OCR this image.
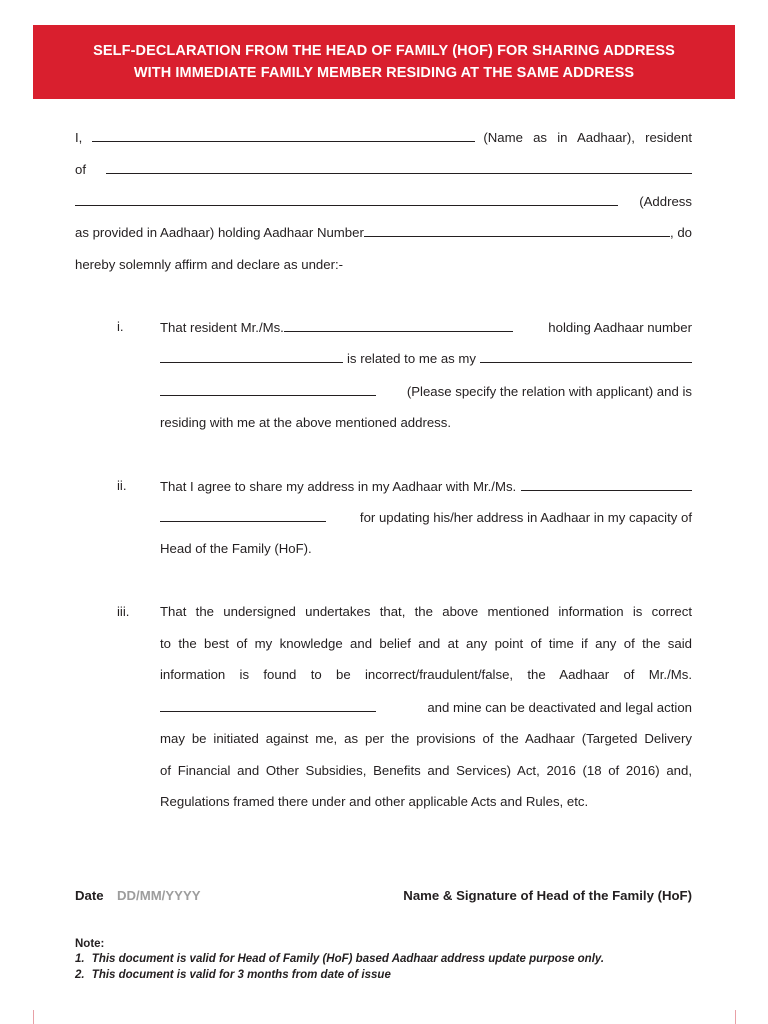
SELF-DECLARATION FROM THE HEAD OF FAMILY (HOF) FOR SHARING ADDRESS
WITH IMMEDIATE FAMILY MEMBER RESIDING AT THE SAME ADDRESS
I,	(Name as in Aadhaar), resident
of
(Address
as provided in Aadhaar) holding Aadhaar Number	, do
hereby solemnly affirm and declare as under:-
i.	That resident Mr./Ms.	holding Aadhaar number
is related to me as my
(Please specify the relation with applicant) and is
residing with me at the above mentioned address.
ii.	That I agree to share my address in my Aadhaar with Mr./Ms.
for updating his/her address in Aadhaar in my capacity of
Head of the Family (HoF).
iii. That the undersigned undertakes that, the above mentioned information is correct
to the best of my knowledge and belief and at any point of time if any of the said
information is found to be incorrect/fraudulent/false, the Aadhaar of Mr./Ms.
and mine can be deactivated and legal action
may be initiated against me, as per the provisions of the Aadhaar (Targeted Delivery
of Financial and Other Subsidies, Benefits and Services) Act, 2016 (18 of 2016) and,
Regulations framed there under and other applicable Acts and Rules, etc.
Date DD/MM/YYYY	Name & Signature of Head of the Family (HoF)
Note:
1. This document is valid for Head of Family (HoF) based Aadhaar address update purpose only.
2. This document is valid for 3 months from date of issue
